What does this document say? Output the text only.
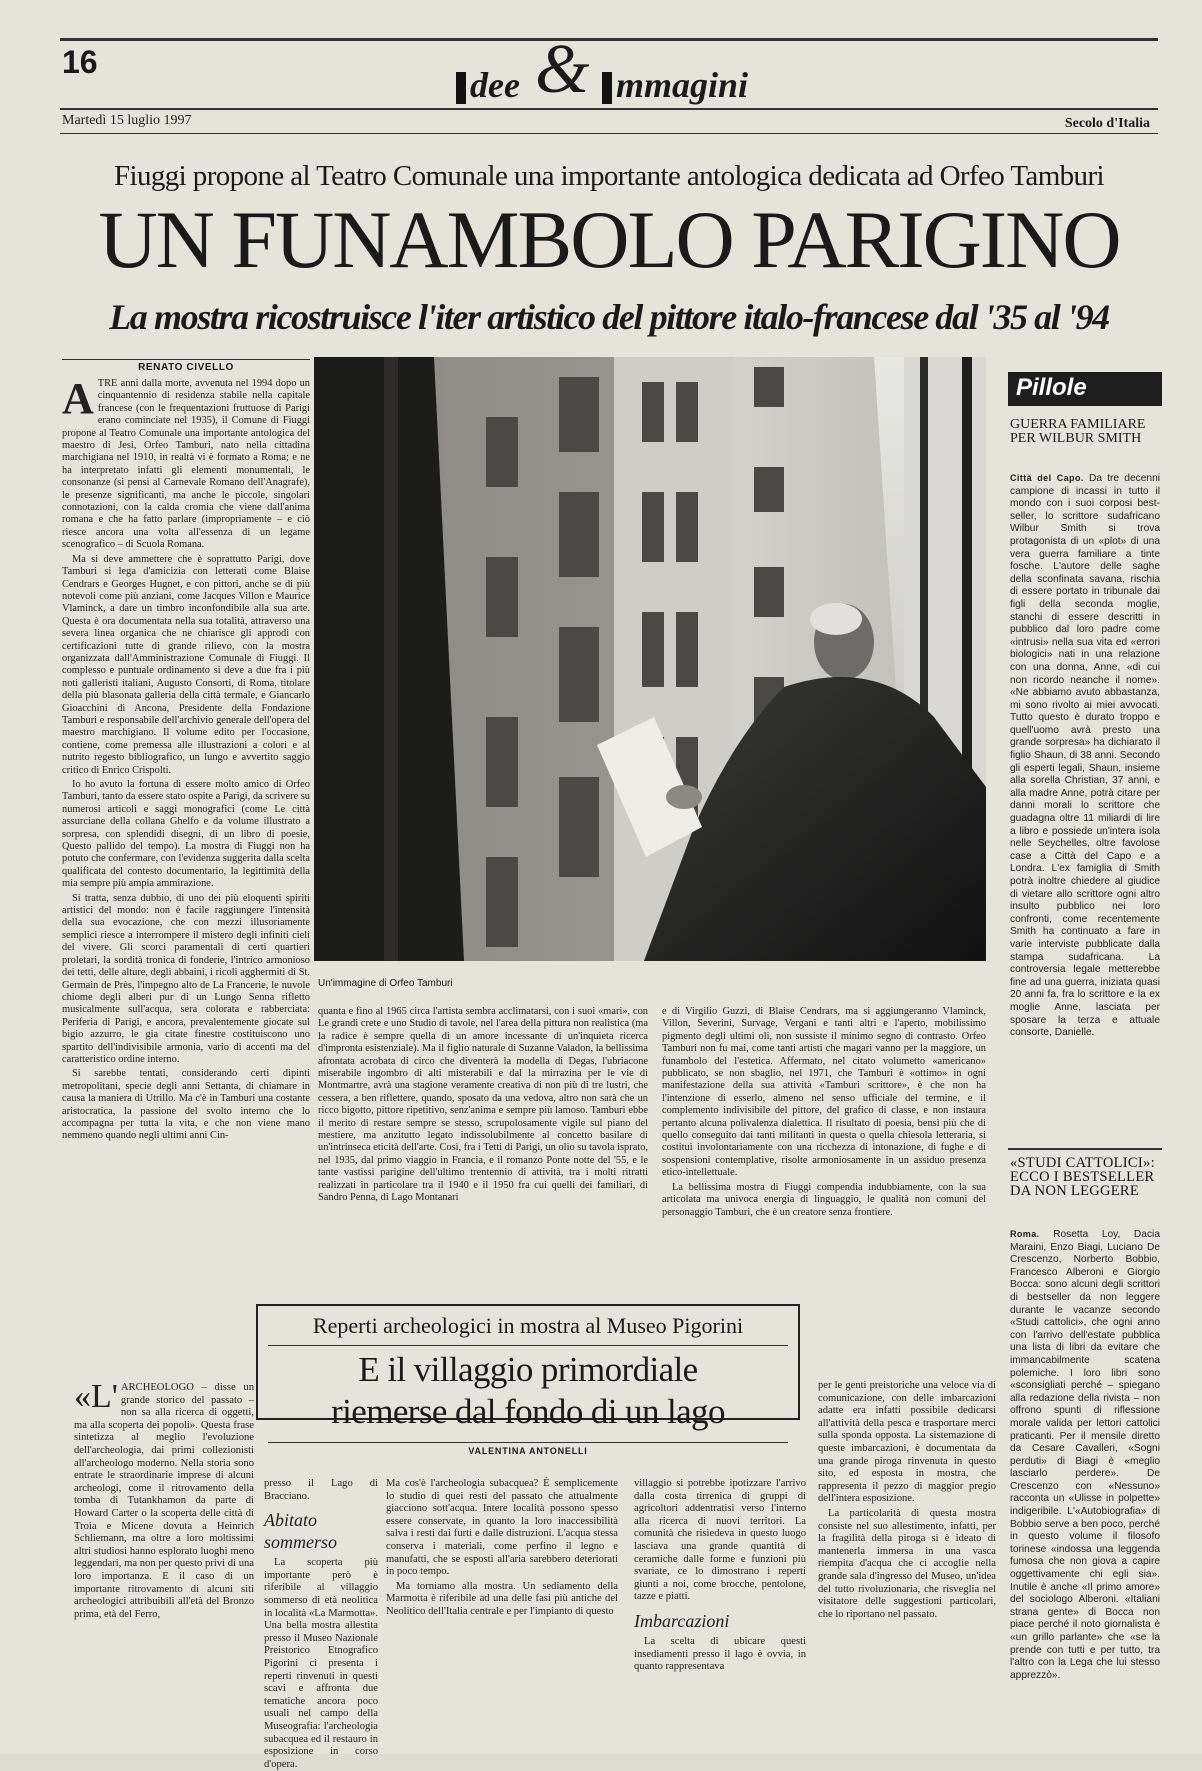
16
dee & mmagini
Martedì 15 luglio 1997	Secolo d'Italia
Fiuggi propone al Teatro Comunale una importante antologica dedicata ad Orfeo Tamburi
UN FUNAMBOLO PARIGINO
La mostra ricostruisce l'iter artistico del pittore italo-francese dal '35 al '94
RENATO CIVELLO
A TRE anni dalla morte, avvenuta nel 1994 dopo un cinquantennio di residenza stabile nella capitale francese (con le frequentazioni fruttuose di Parigi erano cominciate nel 1935), il Comune di Fiuggi propone al Teatro Comunale una importante antologica del maestro di Jesi, Orfeo Tamburi, nato nella cittadina marchigiana nel 1910, in realtà vi è formato a Roma; e ne ha interpretato infatti gli elementi monumentali, le consonanze (si pensi al Carnevale Romano dell'Anagrafe), le presenze significanti, ma anche le piccole, singolari connotazioni, con la calda cromia che viene dall'anima romana e che ha fatto parlare (impropriamente – e ciò riesce ancora una volta all'essenza di un legame scenografico – di Scuola Romana.

Ma si deve ammettere che è soprattutto Parigi, dove Tamburi si lega d'amicizia con letterati come Blaise Cendrars e Georges Hugnet, e con pittori, anche se di più notevoli come più anziani, come Jacques Villon e Maurice Vlaminck, a dare un timbro inconfondibile alla sua arte. Questa è ora documentata nella sua totalità, attraverso una severa linea organica che ne chiarisce gli approdi con certificazioni tutte di grande rilievo, con la mostra organizzata dall'Amministrazione Comunale di Fiuggi. Il complesso e puntuale ordinamento si deve a due fra i più noti galleristi italiani, Augusto Consorti, di Roma, titolare della più blasonata galleria della città termale, e Giancarlo Gioacchini di Ancona, Presidente della Fondazione Tamburi e responsabile dell'archivio generale dell'opera del maestro marchigiano. Il volume edito per l'occasione, contiene, come premessa alle illustrazioni a colori e al nutrito regesto bibliografico, un lungo e avvertito saggio critico di Enrico Crispolti.

Io ho avuto la fortuna di essere molto amico di Orfeo Tamburi, tanto da essere stato ospite a Parigi, da scrivere su numerosi articoli e saggi monografici (come Le città assurciane della collana Ghelfo e da volume illustrato a sorpresa, con splendidi disegni, di un libro di poesie, Questo pallido del tempo). La mostra di Fiuggi non ha potuto che confermare, con l'evidenza suggerita dalla scelta qualificata del contesto documentario, la legittimità della mia sempre più ampia ammirazione.

Si tratta, senza dubbio, di uno dei più eloquenti spiriti artistici del mondo: non è facile raggiungere l'intensità della sua evocazione, che con mezzi illusoriamente semplici riesce a interrompere il mistero degli infiniti cieli del vivere. Gli scorci paramentali di certi quartieri proletari, la sordità tronica di fonderie, l'intrico armonioso dei tetti, delle alture, degli abbaini, i ricoli agghermiti di St. Germain de Près, l'impegno alto de La Francerie, le nuvole chiome degli alberi pur di un Lungo Senna rifletto musicalmente sull'acqua, sera colorata e rabberciata: Periferia di Parigi, e ancora, prevalentemente giocate sul bigio azzurro, le gia citate finestre costituiscono uno spartito dell'indivisibile armonia, vario di accenti ma del caratteristico ordine interno.

Si sarebbe tentati, considerando certi dipinti metropolitani, specie degli anni Settanta, di chiamare in causa la maniera di Utrillo. Ma c'è in Tamburi una costante aristocratica, la passione del svolto interno che lo accompagna per tutta la vita, e che non viene mano nemmeno quando negli ultimi anni Cin-

Un'immagine di Orfeo Tamburi

quanta e fino al 1965 circa l'artista sembra acclimatarsi, con i suoi «mari», con Le grandi crete e uno Studio di tavole, nel l'area della pittura non realistica (ma la radice è sempre quella di un amore incessante di un'inquieta ricerca d'impronta esistenziale). Ma il figlio naturale di Suzanne Valadon, la bellissima afrontata acrobata di circo che diventerà la modella di Degas, l'ubriacone miserabile ingombro di alti misterabili e dal la mirrazina per le vie di Montmartre, avrà una stagione veramente creativa di non più di tre lustri, che cessera, a ben riflettere, quando, sposato da una vedova, altro non sarà che un ricco bigotto, pittore ripetitivo, senz'anima e sempre più lamoso. Tamburi ebbe il merito di restare sempre se stesso, scrupolosamente vigile sul piano del mestiere, ma anzitutto legato indissolubilmente al concetto basilare di un'intrinseca eticità dell'arte. Così, fra i Tetti di Parigi, un olio su tavola isprato, nel 1935, dal primo viaggio in Francia, e il romanzo Ponte notte del '55, e le tante vastissi parigine dell'ultimo trentennio di attività, tra i molti ritratti realizzati in particolare tra il 1940 e il 1950 fra cui quelli dei familiari, di Sandro Penna, di Lago Montanari

e di Virgilio Guzzi, di Blaise Cendrars, ma si aggiungeranno Vlaminck, Villon, Severini, Survage, Vergani e tanti altri e l'aperto, mobilissimo pigmento degli ultimi oli, non sussiste il minimo segno di contrasto. Orfeo Tamburi non fu mai, come tanti artisti che magari vanno per la maggiore, un funambolo del l'estetica. Affermato, nel citato volumetto «americano» pubblicato, se non sbaglio, nel 1971, che Tamburi è «ottimo» in ogni manifestazione della sua attività «Tamburi scrittore», è che non ha l'intenzione di esserlo, almeno nel senso ufficiale del termine, e il complemento indivisibile del pittore, del grafico di classe, e non instaura pertanto alcuna polivalenza dialettica. Il risultato di poesia, bensì più che di quello conseguito dai tanti militanti in questa o quella chiesola letteraria, si costituì involontariamente con una ricchezza di intonazione, di fughe e di sospensioni contemplative, risolte armoniosamente in un assiduo presenza etico-intellettuale.

La bellissima mostra di Fiuggi compendia indubbiamente, con la sua articolata ma univoca energia di linguaggio, le qualità non comuni del personaggio Tamburi, che è un creatore senza frontiere.

Pillole
GUERRA FAMILIARE PER WILBUR SMITH

Città del Capo. Da tre decenni campione di incassi in tutto il mondo con i suoi corposi best-seller, lo scrittore sudafricano Wilbur Smith si trova protagonista di un «plot» di una vera guerra familiare a tinte fosche. L'autore delle saghe della sconfinata savana, rischia di essere portato in tribunale dai figli della seconda moglie, stanchi di essere descritti in pubblico dal loro padre come «intrusi» nella sua vita ed «errori biologici» nati in una relazione con una donna, Anne, «di cui non ricordo neanche il nome». «Ne abbiamo avuto abbastanza, mi sono rivolto ai miei avvocati. Tutto questo è durato troppo e quell'uomo avrà presto una grande sorpresa» ha dichiarato il figlio Shaun, di 38 anni. Secondo gli esperti legali, Shaun, insieme alla sorella Christian, 37 anni, e alla madre Anne, potrà citare per danni morali lo scrittore che guadagna oltre 11 miliardi di lire a libro e possiede un'intera isola nelle Seychelles, oltre favolose case a Città del Capo e a Londra. L'ex famiglia di Smith potrà inoltre chiedere al giudice di vietare allo scrittore ogni altro insulto pubblico nei loro confronti, come recentemente Smith ha continuato a fare in varie interviste pubblicate dalla stampa sudafricana. La controversia legale metterebbe fine ad una guerra, iniziata quasi 20 anni fa, fra lo scrittore e la ex moglie Anne, lasciata per sposare la terza e attuale consorte, Danielle.

«STUDI CATTOLICI»: ECCO I BESTSELLER DA NON LEGGERE

Roma. Rosetta Loy, Dacia Maraini, Enzo Biagi, Luciano De Crescenzo, Norberto Bobbio, Francesco Alberoni e Giorgio Bocca: sono alcuni degli scrittori di bestseller da non leggere durante le vacanze secondo «Studi cattolici», che ogni anno con l'arrivo dell'estate pubblica una lista di libri da evitare che immancabilmente scatena polemiche. I loro libri sono «sconsigliati perché – spiegano alla redazione della rivista – non offrono spunti di riflessione morale valida per lettori cattolici praticanti. Per il mensile diretto da Cesare Cavalleri, «Sogni perduti» di Biagi è «meglio lasciarlo perdere». De Crescenzo con «Nessuno» racconta un «Ulisse in polpette» indigeribile. L'«Autobiografia» di Bobbio serve a ben poco, perché in questo volume il filosofo torinese «indossa una leggenda fumosa che non giova a capire oggettivamente chi egli sia». Inutile è anche «Il primo amore» del sociologo Alberoni. «Italiani strana gente» di Bocca non piace perché il noto giornalista è «un grillo parlante» che «se la prende con tutti e per tutto, tra l'altro con la Lega che lui stesso apprezzò».

Reperti archeologici in mostra al Museo Pigorini
E il villaggio primordiale
riemerse dal fondo di un lago
VALENTINA ANTONELLI
«L' ARCHEOLOGO – disse un grande storico del passato – non sa alla ricerca di oggetti, ma alla scoperta dei popoli». Questa frase sintetizza al meglio l'evoluzione dell'archeologia, dai primi collezionisti all'archeologo moderno. Nella storia sono entrate le straordinarie imprese di alcuni archeologi, come il ritrovamento della tomba di Tutankhamon da parte di Howard Carter o la scoperta delle città di Troia e Micene dovuta a Heinrich Schliemann, ma oltre a loro moltissimi altri studiosi hanno esplorato luoghi meno leggendari, ma non per questo privi di una loro importanza. E il caso di un importante ritrovamento di alcuni siti archeologici attribuibili all'età del Bronzo prima, età del Ferro,

presso il Lago di Bracciano.

Abitato sommerso

La scoperta più importante però è riferibile al villaggio sommerso di età neolitica in località «La Marmotta». Una bella mostra allestita presso il Museo Nazionale Preistorico Etnografico Pigorini ci presenta i reperti rinvenuti in questi scavi e affronta due tematiche ancora poco usuali nel campo della Museografia: l'archeologia subacquea ed il restauro in esposizione in corso d'opera.

Ma cos'è l'archeologia subacquea? È semplicemente lo studio di quei resti del passato che attualmente giacciono sott'acqua. Intere località possono spesso essere conservate, in quanto la loro inaccessibilità salva i resti dai furti e dalle distruzioni. L'acqua stessa conserva i materiali, come perfino il legno e manufatti, che se esposti all'aria sarebbero deteriorati in poco tempo.

Ma torniamo alla mostra. Un sediamento della Marmotta è riferibile ad una delle fasi più antiche del Neolitico dell'Italia centrale e per l'impianto di questo

villaggio si potrebbe ipotizzare l'arrivo dalla costa tirrenica di gruppi di agricoltori addentratisi verso l'interno alla ricerca di nuovi territori. La comunità che risiedeva in questo luogo lasciava una grande quantità di ceramiche dalle forme e funzioni più svariate, ce lo dimostrano i reperti giunti a noi, come brocche, pentolone, tazze e piatti.

Imbarcazioni

La scelta di ubicare questi insediamenti presso il lago è ovvia, in quanto rappresentava

per le genti preistoriche una veloce via di comunicazione, con delle imbarcazioni adatte era infatti possibile dedicarsi all'attività della pesca e trasportare merci sulla sponda opposta. La sistemazione di queste imbarcazioni, è documentata da una grande piroga rinvenuta in questo sito, ed esposta in mostra, che rappresenta il pezzo di maggior pregio dell'intera esposizione.

La particolarità di questa mostra consiste nel suo allestimento, infatti, per la fragilità della piroga si è ideato di mantenerla immersa in una vasca riempita d'acqua che ci accoglie nella grande sala d'ingresso del Museo, un'idea del tutto rivoluzionaria, che risveglia nel visitatore delle suggestioni particolari, che lo riportano nel passato.
